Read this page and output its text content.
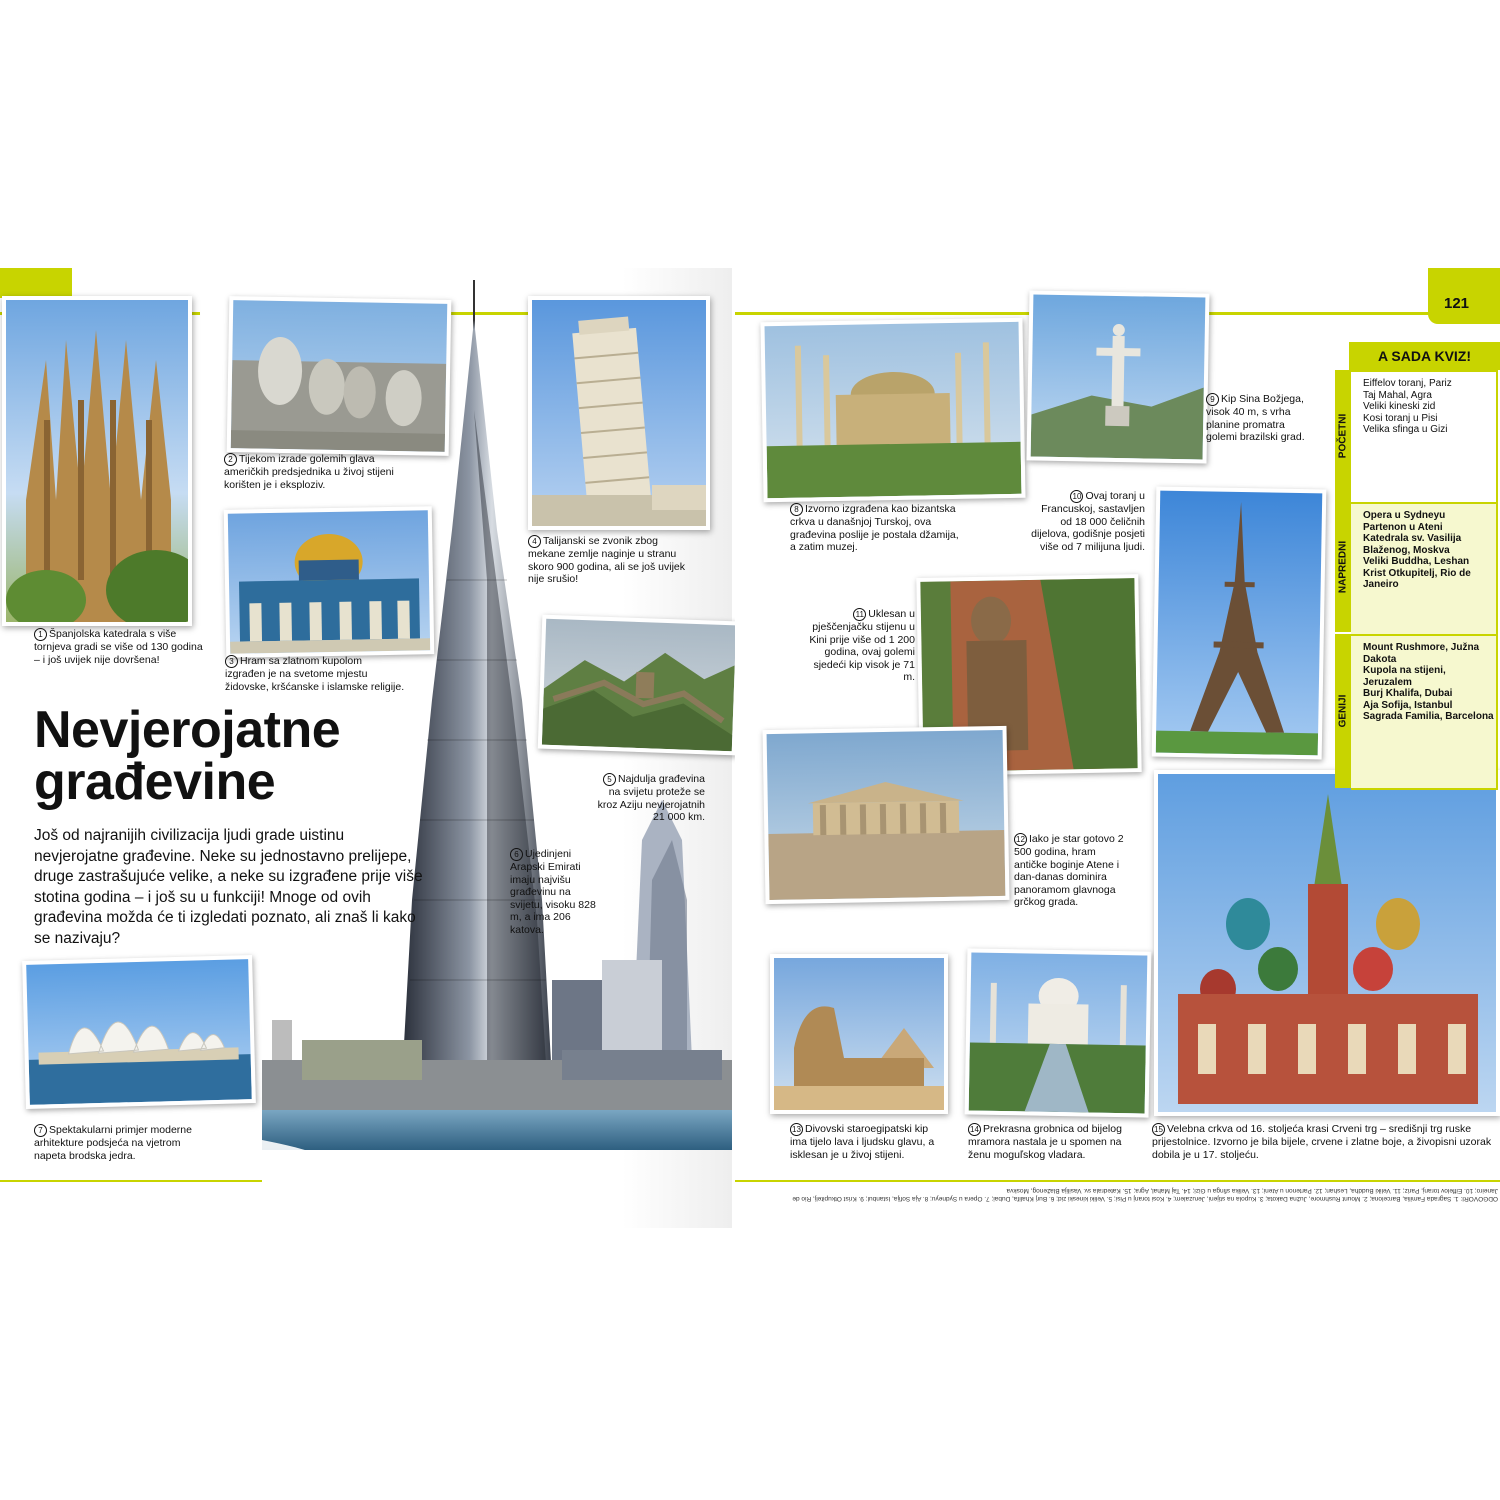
1 Španjolska katedrala s više tornjeva gradi se više od 130 godina – i još uvijek nije dovršena!
2 Tijekom izrade golemih glava američkih predsjednika u živoj stijeni korišten je i eksploziv.
3 Hram sa zlatnom kupolom izgrađen je na svetome mjestu židovske, kršćanske i islamske religije.
4 Talijanski se zvonik zbog mekane zemlje naginje u stranu skoro 900 godina, ali se još uvijek nije srušio!
5 Najdulja građevina na svijetu proteže se kroz Aziju nevjerojatnih 21 000 km.
6 Ujedinjeni Arapski Emirati imaju najvišu građevinu na svijetu, visoku 828 m, a ima 206 katova.
Nevjerojatne
građevine
Još od najranijih civilizacija ljudi grade uistinu nevjerojatne građevine. Neke su jednostavno prelijepe, druge zastrašujuće velike, a neke su izgrađene prije više stotina godina – i još su u funkciji! Mnoge od ovih građevina možda će ti izgledati poznato, ali znaš li kako se nazivaju?
7 Spektakularni primjer moderne arhitekture podsjeća na vjetrom napeta brodska jedra.
121
8 Izvorno izgrađena kao bizantska crkva u današnjoj Turskoj, ova građevina poslije je postala džamija, a zatim muzej.
9 Kip Sina Božjega, visok 40 m, s vrha planine promatra golemi brazilski grad.
10 Ovaj toranj u Francuskoj, sastavljen od 18 000 čeličnih dijelova, godišnje posjeti više od 7 milijuna ljudi.
11 Uklesan u pješčenjačku stijenu u Kini prije više od 1 200 godina, ovaj golemi sjedeći kip visok je 71 m.
12 Iako je star gotovo 2 500 godina, hram antičke boginje Atene i dan-danas dominira panoramom glavnoga grčkog grada.
13 Divovski staroegipatski kip ima tijelo lava i ljudsku glavu, a isklesan je u živoj stijeni.
14 Prekrasna grobnica od bijelog mramora nastala je u spomen na ženu moguľskog vladara.
15 Velebna crkva od 16. stoljeća krasi Crveni trg – središnji trg ruske prijestolnice. Izvorno je bila bijele, crvene i zlatne boje, a živopisni uzorak dobila je u 17. stoljeću.
A SADA KVIZ!
POČETNI
Eiffelov toranj, Pariz
Taj Mahal, Agra
Veliki kineski zid
Kosi toranj u Pisi
Velika sfinga u Gizi
NAPREDNI
Opera u Sydneyu
Partenon u Ateni
Katedrala sv. Vasilija Blaženog, Moskva
Veliki Buddha, Leshan
Krist Otkupitelj, Rio de Janeiro
GENIJI
Mount Rushmore, Južna Dakota
Kupola na stijeni, Jeruzalem
Burj Khalifa, Dubai
Aja Sofija, Istanbul
Sagrada Familia, Barcelona
ODGOVORI: 1. Sagrada Familia, Barcelona; 2. Mount Rushmore, Južna Dakota; 3. Kupola na stijeni, Jeruzalem; 4. Kosi toranj u Pisi; 5. Veliki kineski zid; 6. Burj Khalifa, Dubai; 7. Opera u Sydneyu; 8. Aja Sofija, Istanbul; 9. Krist Otkupitelj, Rio de Janeiro; 10. Eiffelov toranj, Pariz; 11. Veliki Buddha, Leshan; 12. Partenon u Ateni; 13. Velika sfinga u Gizi; 14. Taj Mahal, Agra; 15. Katedrala sv. Vasilija Blaženog, Moskva
